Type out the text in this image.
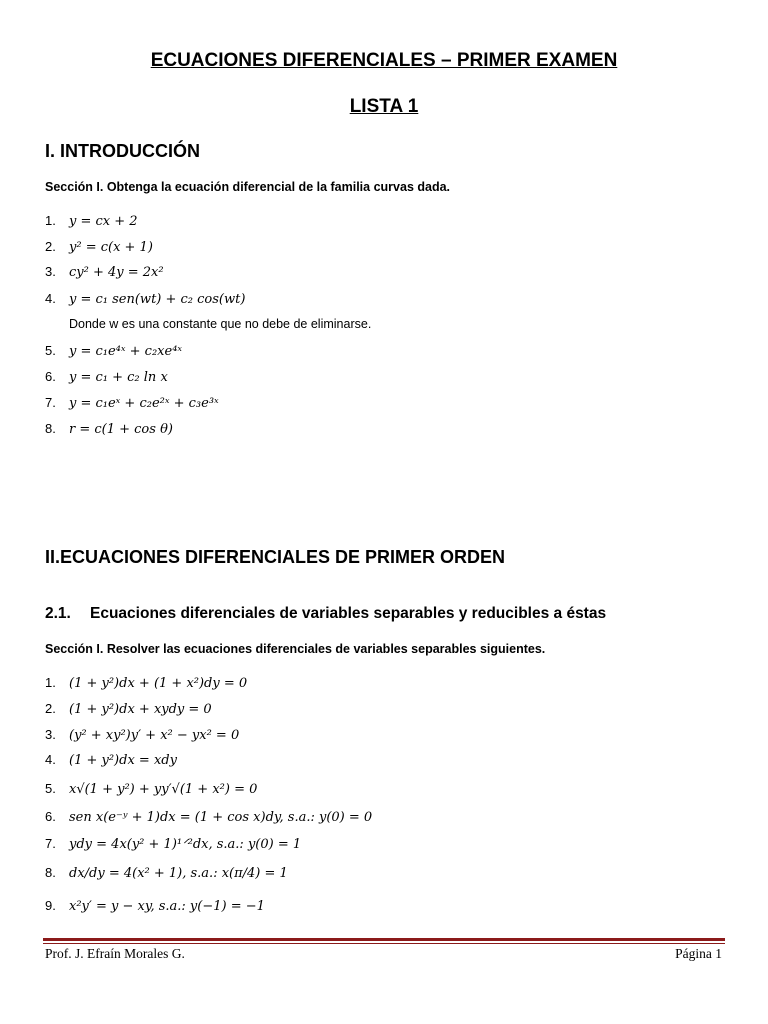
ECUACIONES DIFERENCIALES – PRIMER EXAMEN
LISTA 1
I. INTRODUCCIÓN
Sección I. Obtenga la ecuación diferencial de la familia curvas dada.
1. y = cx + 2
2. y² = c(x + 1)
3. cy² + 4y = 2x²
4. y = c₁ sen(wt) + c₂ cos(wt)
Donde w es una constante que no debe de eliminarse.
5. y = c₁e⁴ˣ + c₂xe⁴ˣ
6. y = c₁ + c₂ ln x
7. y = c₁eˣ + c₂e²ˣ + c₃e³ˣ
8. r = c(1 + cos θ)
II.ECUACIONES DIFERENCIALES DE PRIMER ORDEN
2.1. Ecuaciones diferenciales de variables separables y reducibles a éstas
Sección I. Resolver las ecuaciones diferenciales de variables separables siguientes.
1. (1 + y²)dx + (1 + x²)dy = 0
2. (1 + y²)dx + xydy = 0
3. (y² + xy²)y′ + x² − yx² = 0
4. (1 + y²)dx = xdy
5. x√(1 + y²) + yy′√(1 + x²) = 0
6. sen x(e⁻ʸ + 1)dx = (1 + cos x)dy, s.a.: y(0) = 0
7. ydy = 4x(y² + 1)¹ᐟ²dx, s.a.: y(0) = 1
8. dx/dy = 4(x² + 1), s.a.: x(π/4) = 1
9. x²y′ = y − xy, s.a.: y(−1) = −1
Prof. J. Efraín Morales G.	Página 1
